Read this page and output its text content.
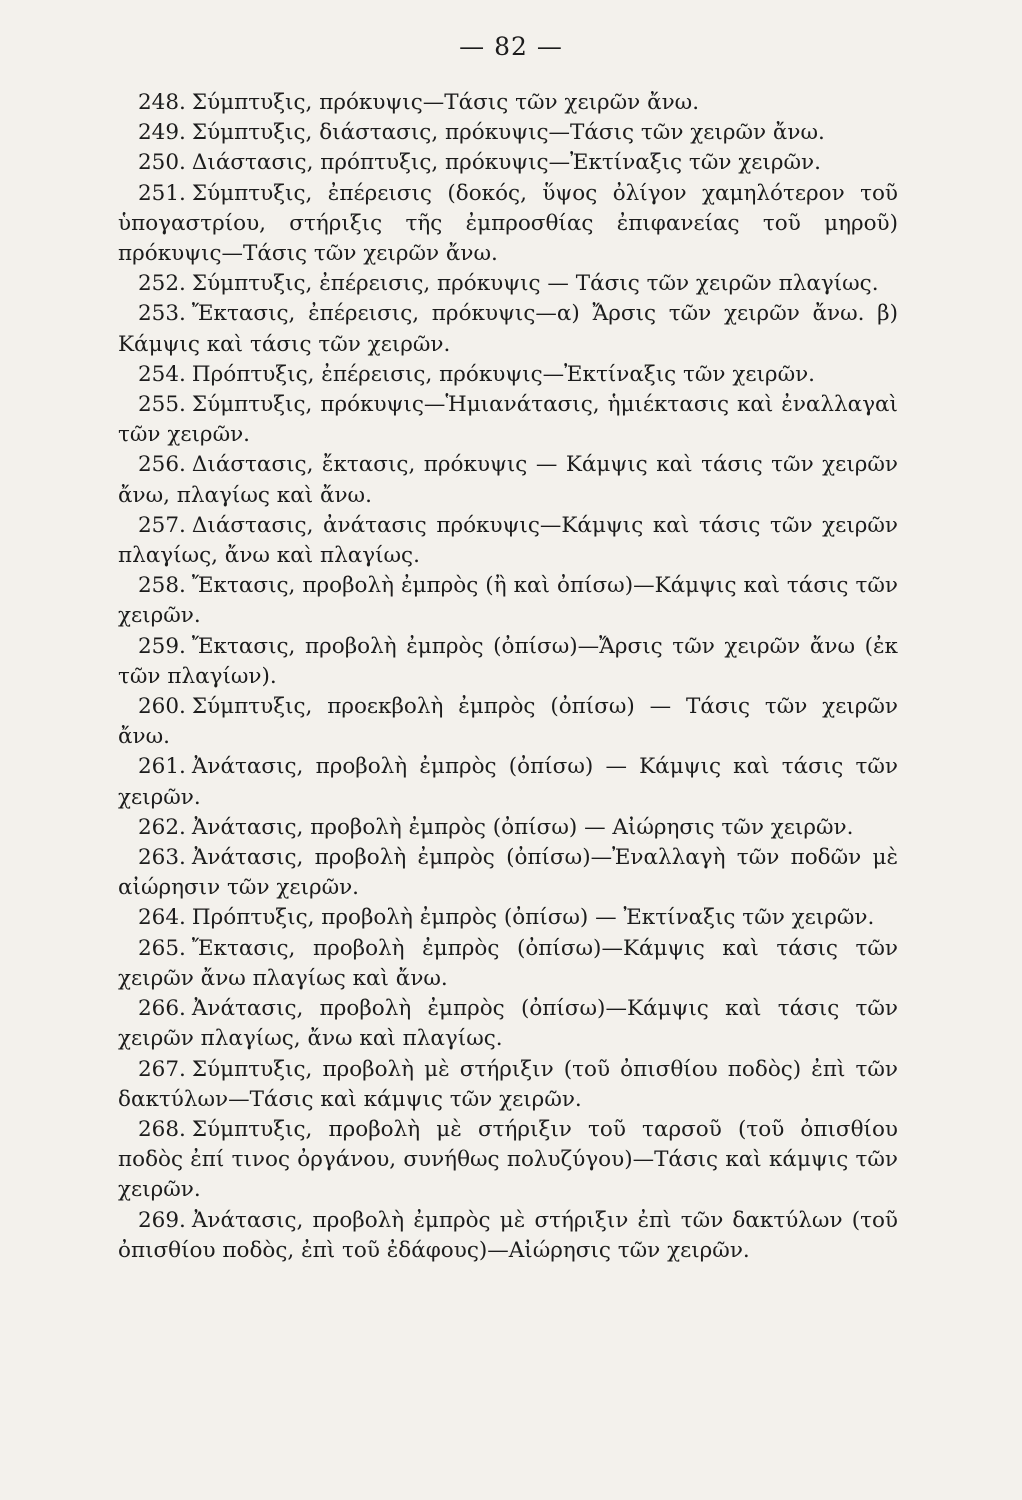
— 82 —

248. Σύμπτυξις, πρόκυψις—Τάσις τῶν χειρῶν ἄνω.

249. Σύμπτυξις, διάστασις, πρόκυψις—Τάσις τῶν χειρῶν ἄνω.

250. Διάστασις, πρόπτυξις, πρόκυψις—Ἐκτίναξις τῶν χειρῶν.

251. Σύμπτυξις, ἐπέρεισις (δοκός, ὕψος ὀλίγον χαμηλότερον τοῦ ὑπογαστρίου, στήριξις τῆς ἐμπροσθίας ἐπιφανείας τοῦ μηροῦ) πρόκυψις—Τάσις τῶν χειρῶν ἄνω.

252. Σύμπτυξις, ἐπέρεισις, πρόκυψις — Τάσις τῶν χειρῶν πλαγίως.

253. Ἔκτασις, ἐπέρεισις, πρόκυψις—α) Ἄρσις τῶν χειρῶν ἄνω. β) Κάμψις καὶ τάσις τῶν χειρῶν.

254. Πρόπτυξις, ἐπέρεισις, πρόκυψις—Ἐκτίναξις τῶν χειρῶν.

255. Σύμπτυξις, πρόκυψις—Ἡμιανάτασις, ἡμιέκτασις καὶ ἐναλλαγαὶ τῶν χειρῶν.

256. Διάστασις, ἔκτασις, πρόκυψις — Κάμψις καὶ τάσις τῶν χειρῶν ἄνω, πλαγίως καὶ ἄνω.

257. Διάστασις, ἀνάτασις πρόκυψις—Κάμψις καὶ τάσις τῶν χειρῶν πλαγίως, ἄνω καὶ πλαγίως.

258. Ἔκτασις, προβολὴ ἐμπρὸς (ἢ καὶ ὀπίσω)—Κάμψις καὶ τάσις τῶν χειρῶν.

259. Ἔκτασις, προβολὴ ἐμπρὸς (ὀπίσω)—Ἄρσις τῶν χειρῶν ἄνω (ἐκ τῶν πλαγίων).

260. Σύμπτυξις, προεκβολὴ ἐμπρὸς (ὀπίσω) — Τάσις τῶν χειρῶν ἄνω.

261. Ἀνάτασις, προβολὴ ἐμπρὸς (ὀπίσω) — Κάμψις καὶ τάσις τῶν χειρῶν.

262. Ἀνάτασις, προβολὴ ἐμπρὸς (ὀπίσω) — Αἰώρησις τῶν χειρῶν.

263. Ἀνάτασις, προβολὴ ἐμπρὸς (ὀπίσω)—Ἐναλλαγὴ τῶν ποδῶν μὲ αἰώρησιν τῶν χειρῶν.

264. Πρόπτυξις, προβολὴ ἐμπρὸς (ὀπίσω) — Ἐκτίναξις τῶν χειρῶν.

265. Ἔκτασις, προβολὴ ἐμπρὸς (ὀπίσω)—Κάμψις καὶ τάσις τῶν χειρῶν ἄνω πλαγίως καὶ ἄνω.

266. Ἀνάτασις, προβολὴ ἐμπρὸς (ὀπίσω)—Κάμψις καὶ τάσις τῶν χειρῶν πλαγίως, ἄνω καὶ πλαγίως.

267. Σύμπτυξις, προβολὴ μὲ στήριξιν (τοῦ ὀπισθίου ποδὸς) ἐπὶ τῶν δακτύλων—Τάσις καὶ κάμψις τῶν χειρῶν.

268. Σύμπτυξις, προβολὴ μὲ στήριξιν τοῦ ταρσοῦ (τοῦ ὀπισθίου ποδὸς ἐπί τινος ὀργάνου, συνήθως πολυζύγου)—Τάσις καὶ κάμψις τῶν χειρῶν.

269. Ἀνάτασις, προβολὴ ἐμπρὸς μὲ στήριξιν ἐπὶ τῶν δακτύλων (τοῦ ὀπισθίου ποδὸς, ἐπὶ τοῦ ἐδάφους)—Αἰώρησις τῶν χειρῶν.
